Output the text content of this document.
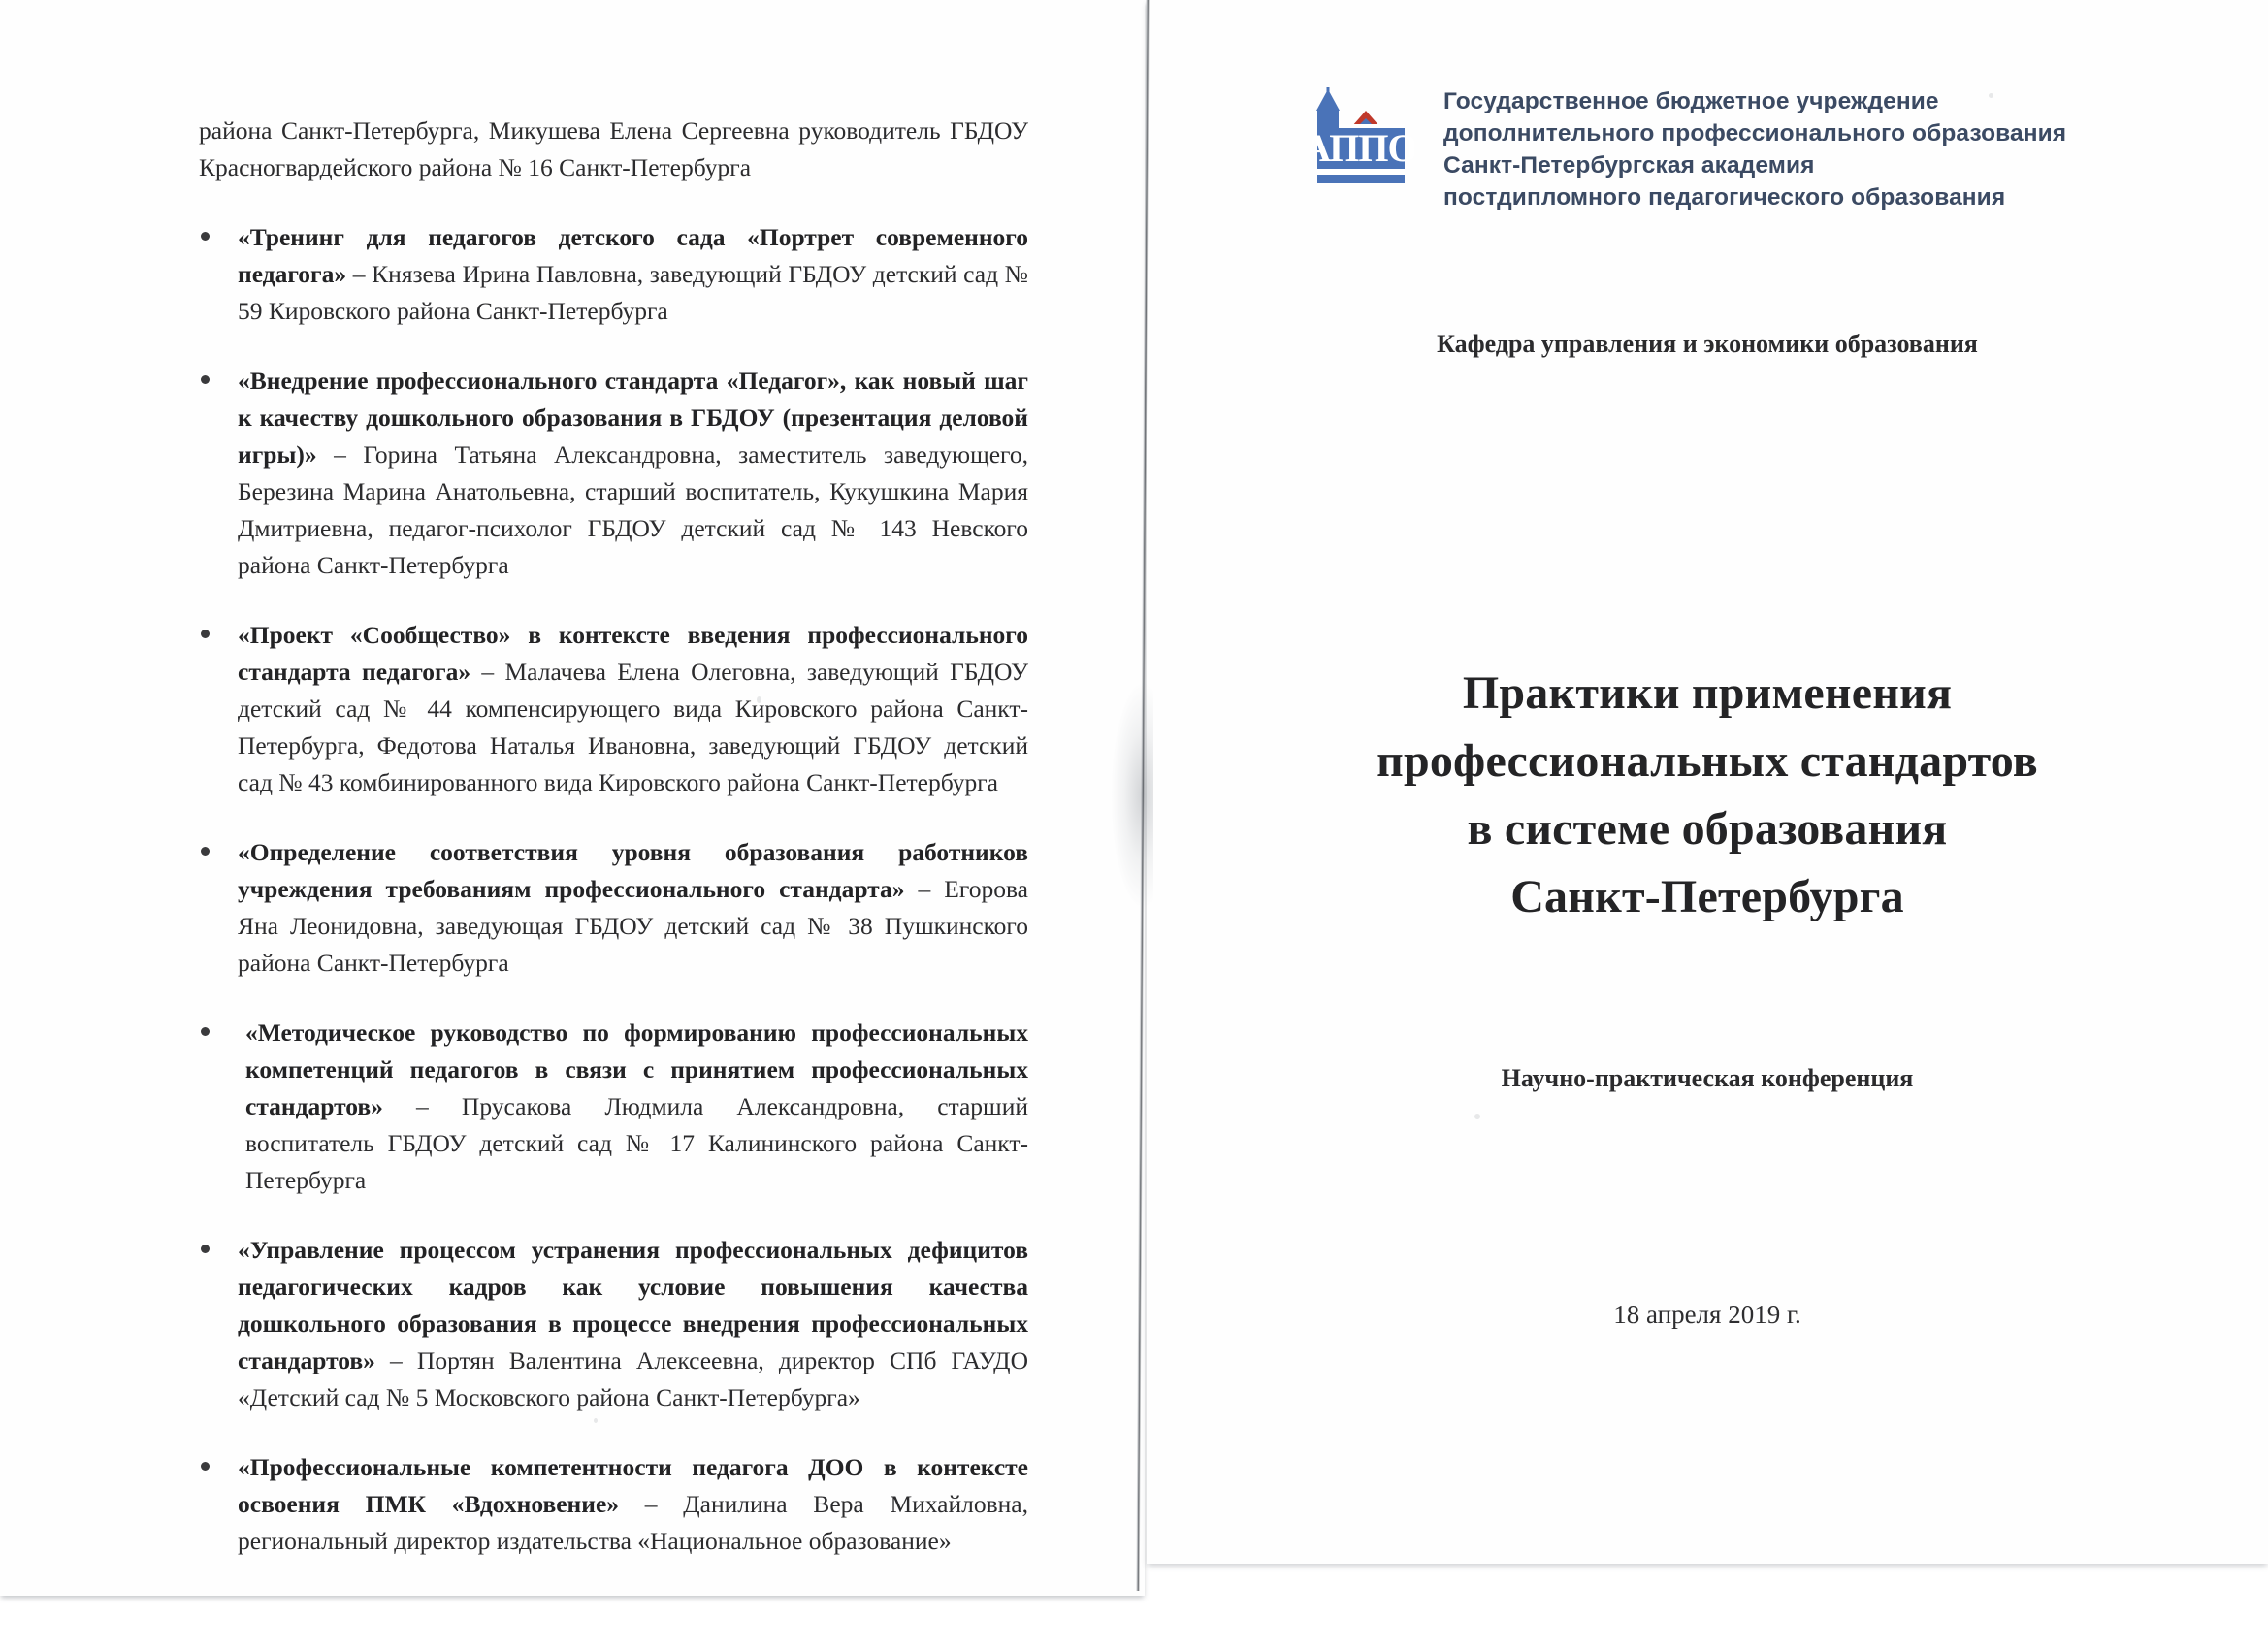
района Санкт-Петербурга, Микушева Елена Сергеевна руководитель ГБДОУ Красногвардейского района № 16 Санкт-Петербурга

«Тренинг для педагогов детского сада «Портрет современного педагога» – Князева Ирина Павловна, заведующий ГБДОУ детский сад № 59 Кировского района Санкт-Петербурга
«Внедрение профессионального стандарта «Педагог», как новый шаг к качеству дошкольного образования в ГБДОУ (презентация деловой игры)» – Горина Татьяна Александровна, заместитель заведующего, Березина Марина Анатольевна, старший воспитатель, Кукушкина Мария Дмитриевна, педагог-психолог ГБДОУ детский сад № 143 Невского района Санкт-Петербурга
«Проект «Сообщество» в контексте введения профессионального стандарта педагога» – Малачева Елена Олеговна, заведующий ГБДОУ детский сад № 44 компенсирующего вида Кировского района Санкт-Петербурга, Федотова Наталья Ивановна, заведующий ГБДОУ детский сад № 43 комбинированного вида Кировского района Санкт-Петербурга
«Определение соответствия уровня образования работников учреждения требованиям профессионального стандарта» – Егорова Яна Леонидовна, заведующая ГБДОУ детский сад № 38 Пушкинского района Санкт-Петербурга
«Методическое руководство по формированию профессиональных компетенций педагогов в связи с принятием профессиональных стандартов» – Прусакова Людмила Александровна, старший воспитатель ГБДОУ детский сад № 17 Калининского района Санкт-Петербурга
«Управление процессом устранения профессиональных дефицитов педагогических кадров как условие повышения качества дошкольного образования в процессе внедрения профессиональных стандартов» – Портян Валентина Алексеевна, директор СПб ГАУДО «Детский сад № 5 Московского района Санкт-Петербурга»
«Профессиональные компетентности педагога ДОО в контексте освоения ПМК «Вдохновение» – Данилина Вера Михайловна, региональный директор издательства «Национальное образование»
АППО
Государственное бюджетное учреждение
дополнительного профессионального образования
Санкт-Петербургская академия
постдипломного педагогического образования
Кафедра управления и экономики образования
Практики применения
профессиональных стандартов
в системе образования
Санкт-Петербурга
Научно-практическая конференция
18 апреля 2019 г.
